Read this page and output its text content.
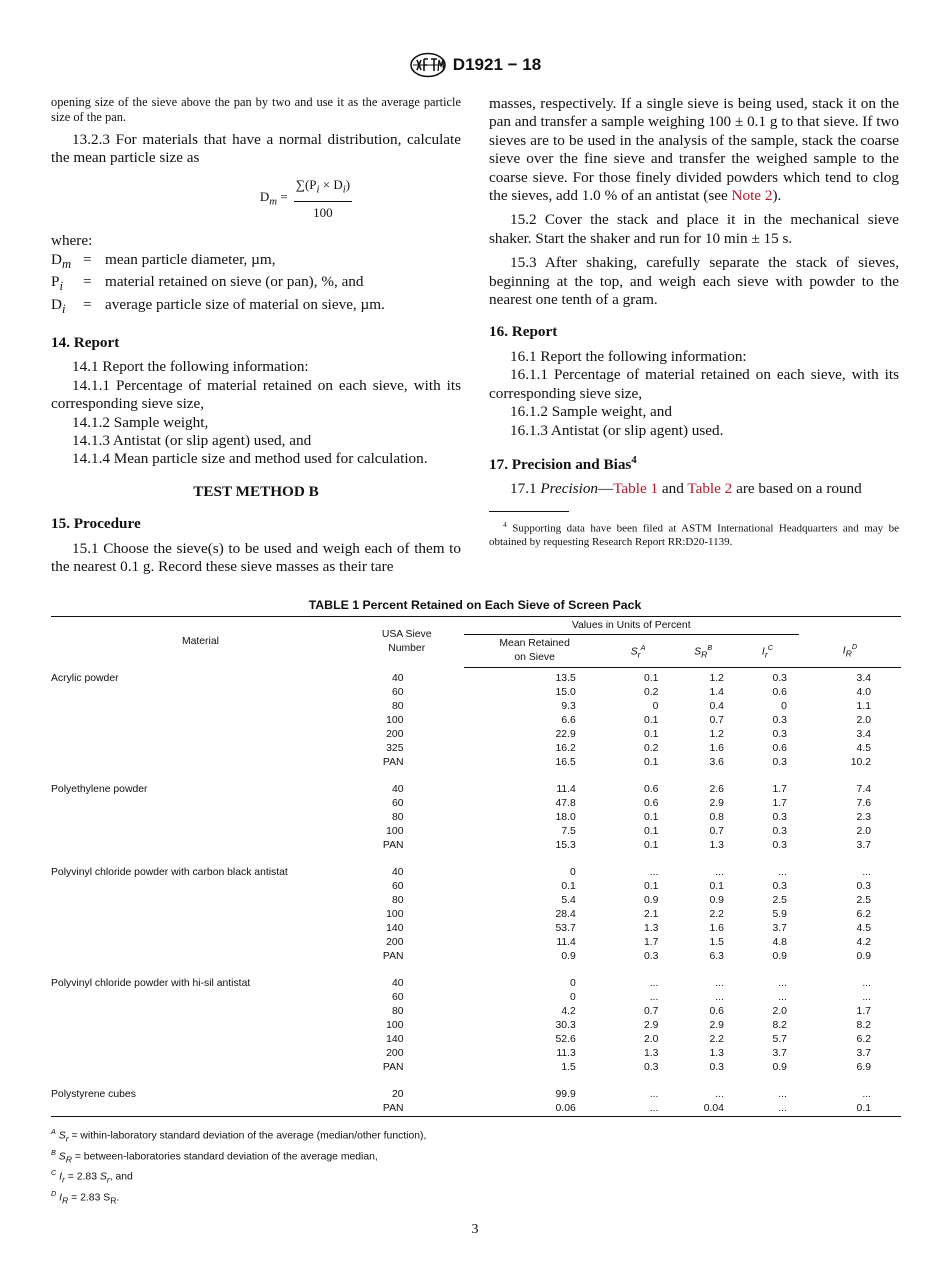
D1921 − 18

opening size of the sieve above the pan by two and use it as the average particle size of the pan.

13.2.3 For materials that have a normal distribution, calculate the mean particle size as

$D_m = \frac{\sum(P_i \times D_i)}{100}$

where:

$D_m$ = mean particle diameter, µm,
$P_i$	= material retained on sieve (or pan), %, and
$D_i$	= average particle size of material on sieve, µm.

14. Report

14.1 Report the following information:

14.1.1 Percentage of material retained on each sieve, with its corresponding sieve size,

14.1.2 Sample weight,

14.1.3 Antistat (or slip agent) used, and

14.1.4 Mean particle size and method used for calculation.

TEST METHOD B

15. Procedure

15.1 Choose the sieve(s) to be used and weigh each of them to the nearest 0.1 g. Record these sieve masses as their tare

masses, respectively. If a single sieve is being used, stack it on the pan and transfer a sample weighing 100 ± 0.1 g to that sieve. If two sieves are to be used in the analysis of the sample, stack the coarse sieve over the fine sieve and transfer the weighed sample to the coarse sieve. For those finely divided powders which tend to clog the sieves, add 1.0 % of an antistat (see Note 2).

15.2 Cover the stack and place it in the mechanical sieve shaker. Start the shaker and run for 10 min ± 15 s.

15.3 After shaking, carefully separate the stack of sieves, beginning at the top, and weigh each sieve with powder to the nearest one tenth of a gram.

16. Report

16.1 Report the following information:

16.1.1 Percentage of material retained on each sieve, with its corresponding sieve size,

16.1.2 Sample weight, and

16.1.3 Antistat (or slip agent) used.

17. Precision and Bias$^4$

17.1 Precision—Table 1 and Table 2 are based on a round

$^4$ Supporting data have been filed at ASTM International Headquarters and may be obtained by requesting Research Report RR:D20-1139.

TABLE 1 Percent Retained on Each Sieve of Screen Pack
Material	USA Sieve
Number	Values in Units of Percent				
		Mean Retained
on Sieve	$S_r^A$	$S_R^B$	$I_r^C$	$I_R^D$
Acrylic powder	40	13.5	0.1	1.2	0.3	3.4
	60	15.0	0.2	1.4	0.6	4.0
	80	9.3	0	0.4	0	1.1
	100	6.6	0.1	0.7	0.3	2.0
	200	22.9	0.1	1.2	0.3	3.4
	325	16.2	0.2	1.6	0.6	4.5
	PAN	16.5	0.1	3.6	0.3	10.2
Polyethylene powder	40	11.4	0.6	2.6	1.7	7.4
	60	47.8	0.6	2.9	1.7	7.6
	80	18.0	0.1	0.8	0.3	2.3
	100	7.5	0.1	0.7	0.3	2.0
	PAN	15.3	0.1	1.3	0.3	3.7
Polyvinyl chloride powder with carbon black antistat	40	0	...	...	...	...
	60	0.1	0.1	0.1	0.3	0.3
	80	5.4	0.9	0.9	2.5	2.5
	100	28.4	2.1	2.2	5.9	6.2
	140	53.7	1.3	1.6	3.7	4.5
	200	11.4	1.7	1.5	4.8	4.2
	PAN	0.9	0.3	6.3	0.9	0.9
Polyvinyl chloride powder with hi-sil antistat	40	0	...	...	...	...
	60	0	...	...	...	...
	80	4.2	0.7	0.6	2.0	1.7
	100	30.3	2.9	2.9	8.2	8.2
	140	52.6	2.0	2.2	5.7	6.2
	200	11.3	1.3	1.3	3.7	3.7
	PAN	1.5	0.3	0.3	0.9	6.9
Polystyrene cubes	20	99.9	...	...	...	...
	PAN	0.06	...	0.04	...	0.1
$^A$ $S_r$ = within-laboratory standard deviation of the average (median/other function),
$^B$ $S_R$ = between-laboratories standard deviation of the average median,
$^C$ $I_r = 2.83$ $S_r$, and
$^D$ $I_R = 2.83$ $S_R$.
3
